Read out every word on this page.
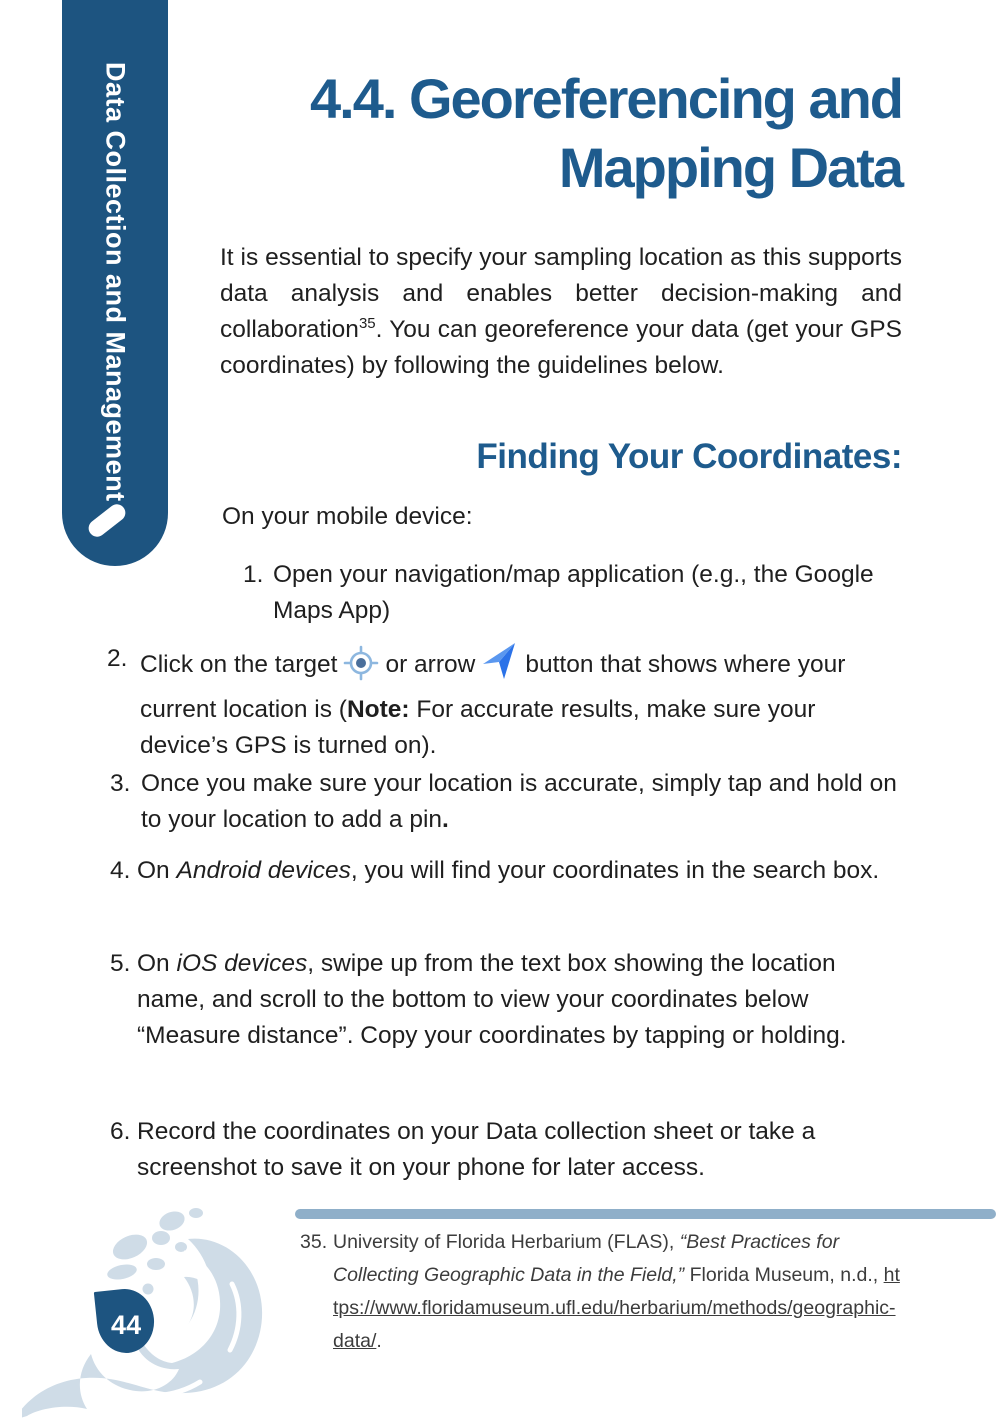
Data Collection and Management	4.4. Georeferencing and
Mapping Data

It is essential to specify your sampling location as this supports data analysis and enables better decision-making and collaboration$^{35}$. You can georeference your data (get your GPS coordinates) by following the guidelines below.

Finding Your Coordinates:
On your mobile device:
1. Open your navigation/map application (e.g., the Google Maps App)
2. Click on the target or arrow button that shows where your current location is (Note: For accurate results, make sure your device’s GPS is turned on).
3. Once you make sure your location is accurate, simply tap and hold on to your location to add a pin.
4. On Android devices, you will find your coordinates in the search box.
5. On iOS devices, swipe up from the text box showing the location name, and scroll to the bottom to view your coordinates below “Measure distance”. Copy your coordinates by tapping or holding.
6. Record the coordinates on your Data collection sheet or take a screenshot to save it on your phone for later access.
35. University of Florida Herbarium (FLAS), “Best Practices for Collecting Geographic Data in the Field,” Florida Museum, n.d., https://www.floridamuseum.ufl.edu/herbarium/methods/geographic-data/.
44
